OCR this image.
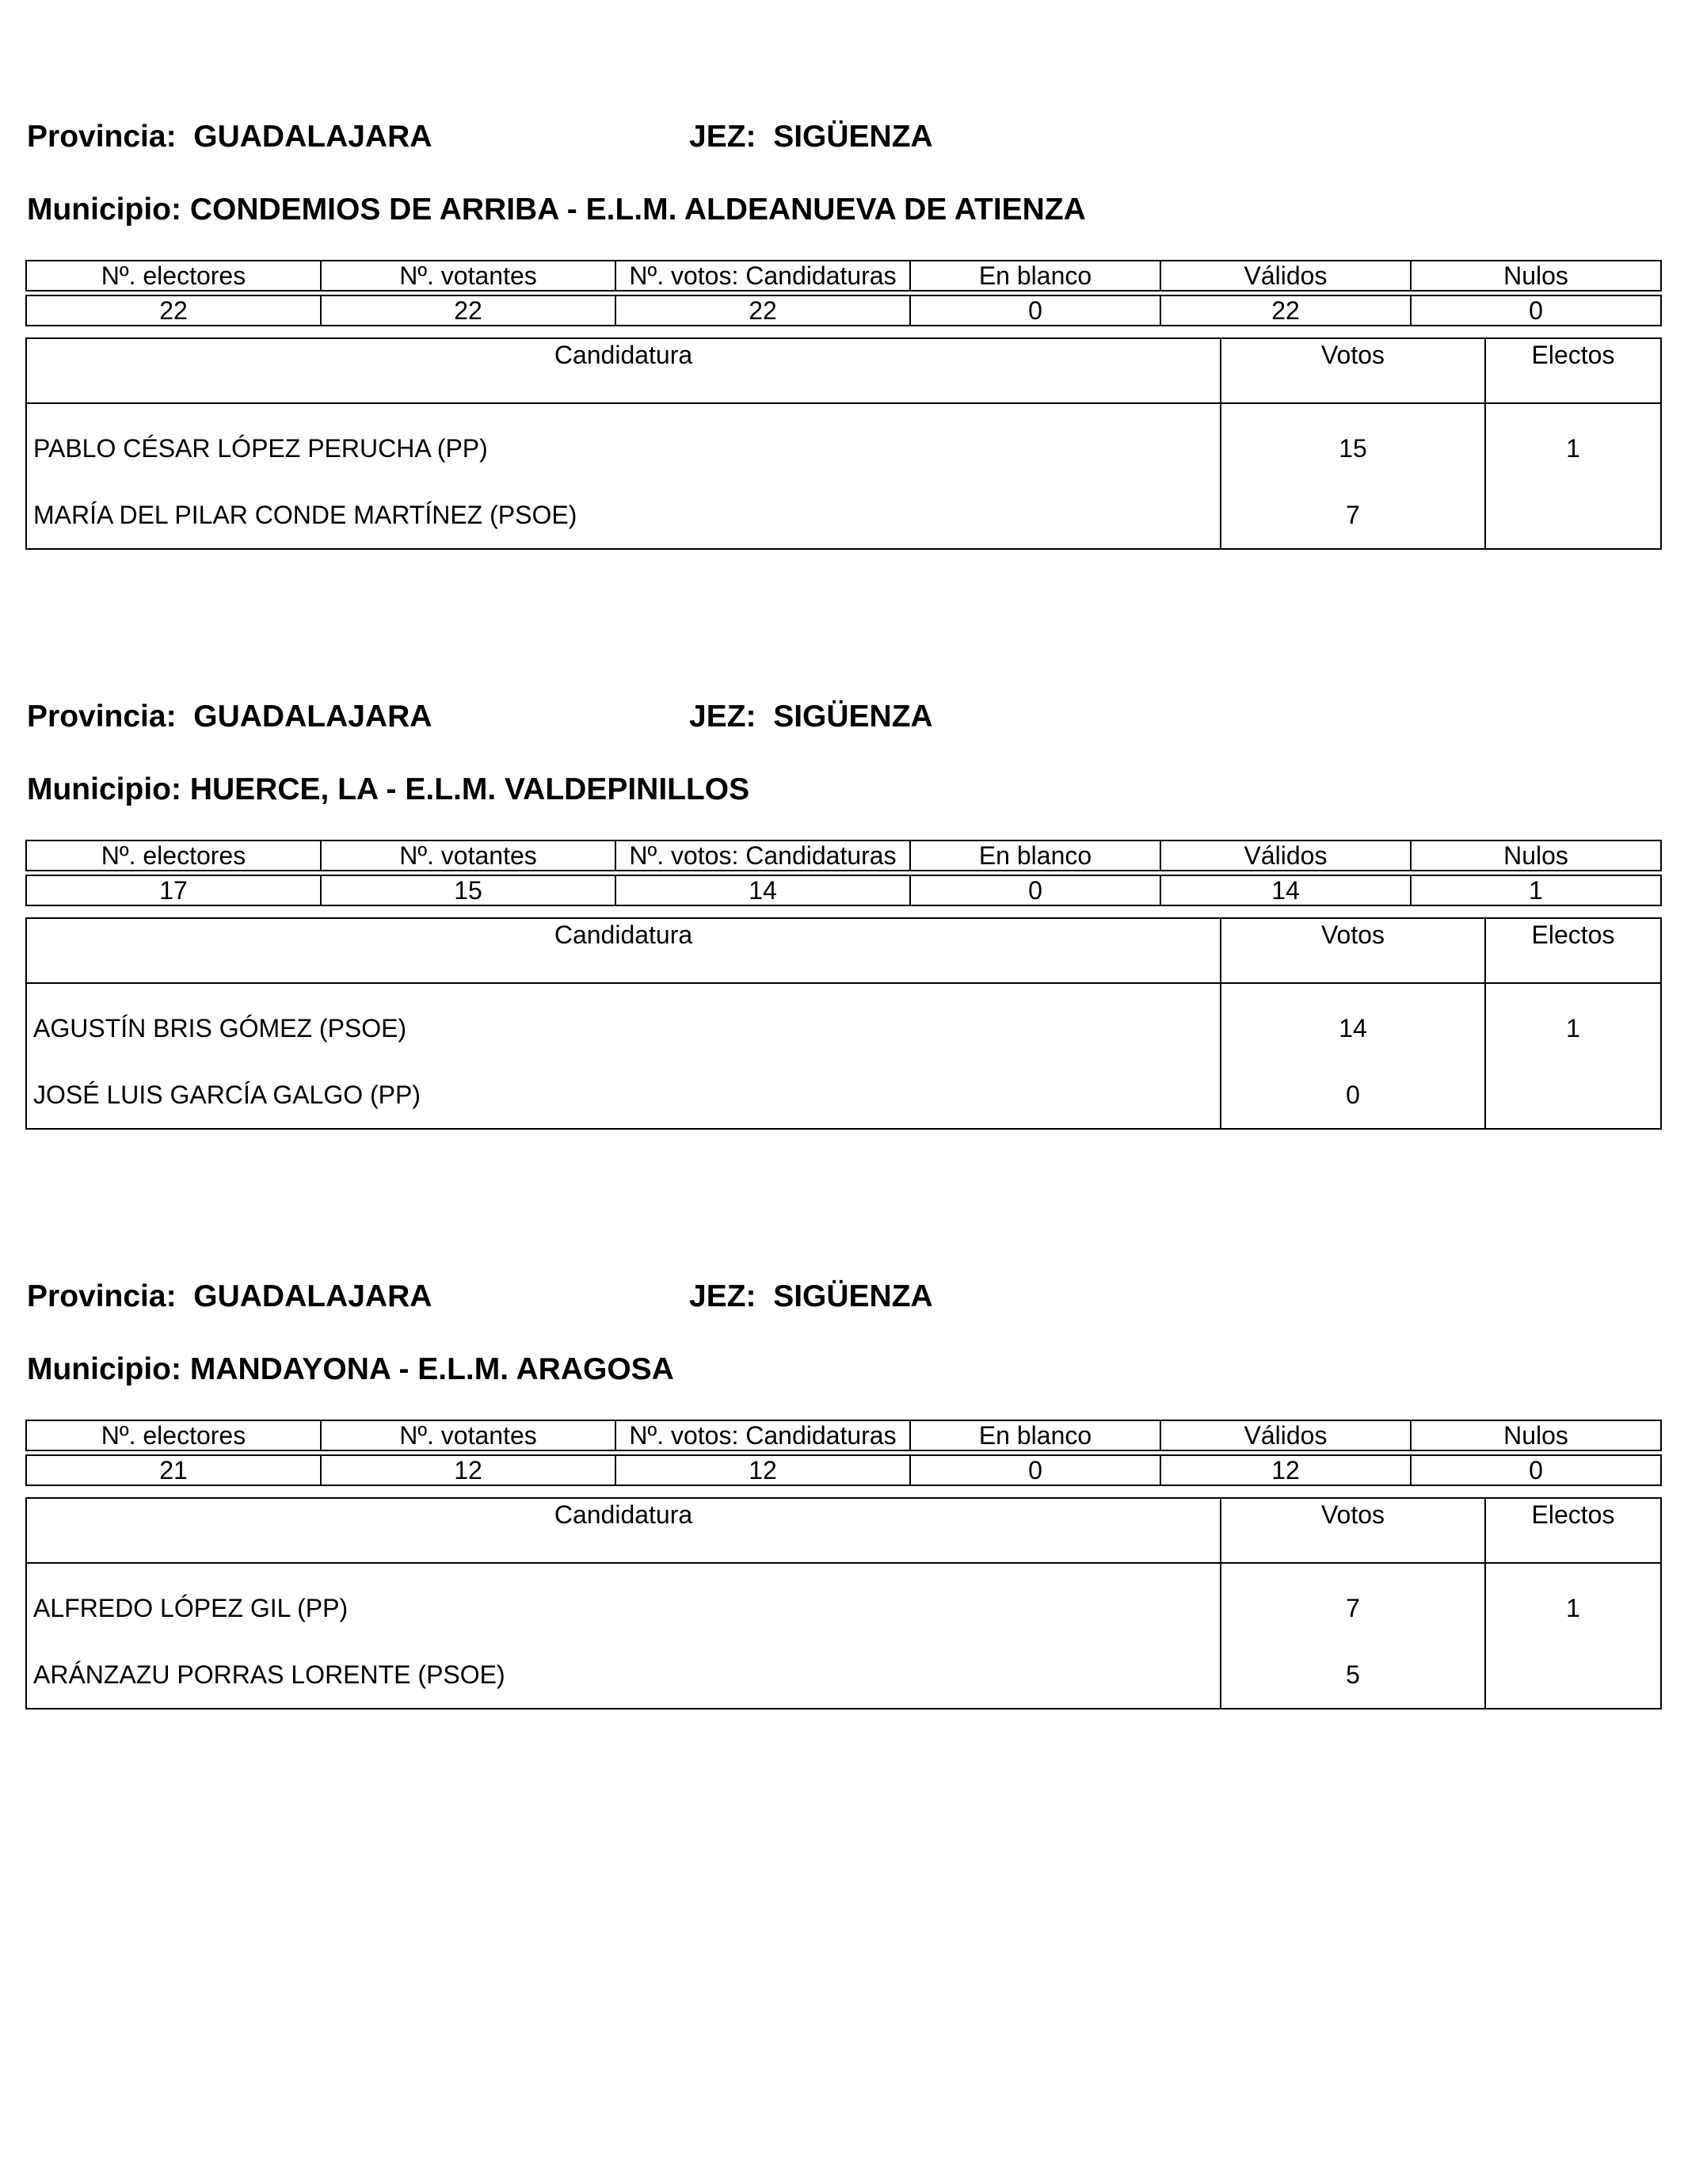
Provincia: GUADALAJARA	JEZ: SIGÜENZA
Municipio: CONDEMIOS DE ARRIBA - E.L.M. ALDEANUEVA DE ATIENZA
Nº. electores	Nº. votantes	Nº. votos: Candidaturas	En blanco	Válidos	Nulos

22	22	22	0	22	0
Candidatura	Votos	Electos
PABLO CÉSAR LÓPEZ PERUCHA (PP)	15	1
MARÍA DEL PILAR CONDE MARTÍNEZ (PSOE)	7	
Provincia: GUADALAJARA	JEZ: SIGÜENZA
Municipio: HUERCE, LA - E.L.M. VALDEPINILLOS
Nº. electores	Nº. votantes	Nº. votos: Candidaturas	En blanco	Válidos	Nulos

17	15	14	0	14	1
Candidatura	Votos	Electos
AGUSTÍN BRIS GÓMEZ (PSOE)	14	1
JOSÉ LUIS GARCÍA GALGO (PP)	0	
Provincia: GUADALAJARA	JEZ: SIGÜENZA
Municipio: MANDAYONA - E.L.M. ARAGOSA
Nº. electores	Nº. votantes	Nº. votos: Candidaturas	En blanco	Válidos	Nulos

21	12	12	0	12	0
Candidatura	Votos	Electos
ALFREDO LÓPEZ GIL (PP)	7	1
ARÁNZAZU PORRAS LORENTE (PSOE)	5	
